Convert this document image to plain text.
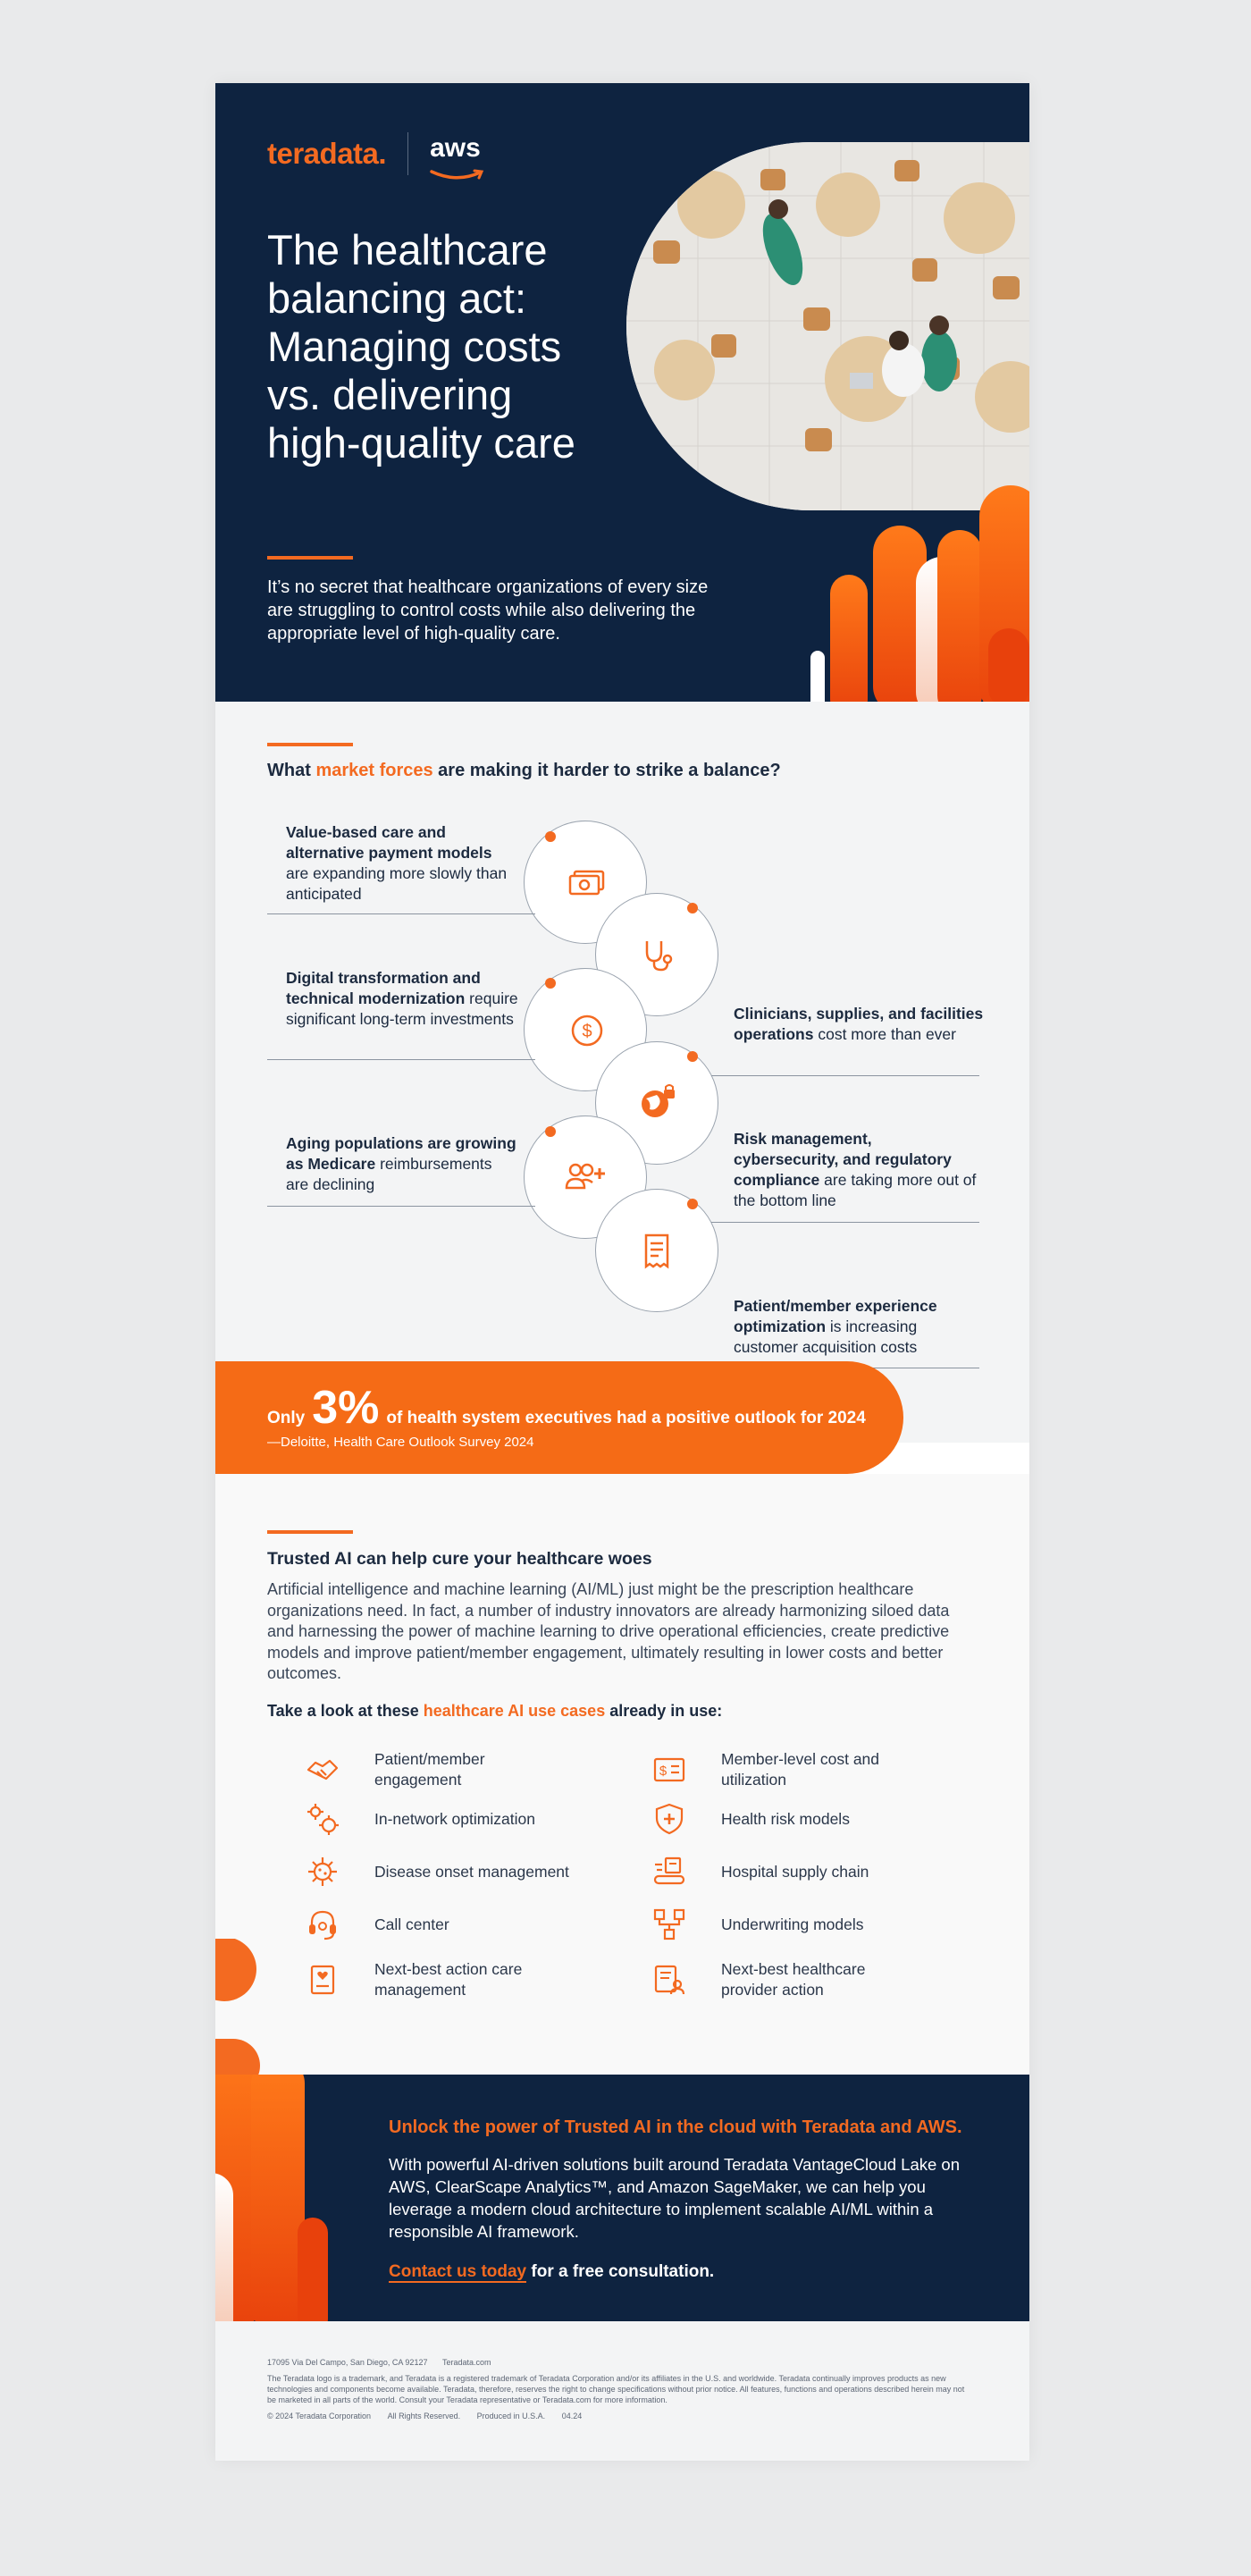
teradata. aws
The healthcare balancing act: Managing costs vs. delivering high-quality care

It’s no secret that healthcare organizations of every size are struggling to control costs while also delivering the appropriate level of high-quality care.

What market forces are making it harder to strike a balance?
$
Value-based care and alternative payment models are expanding more slowly than anticipated
Clinicians, supplies, and facilities operations cost more than ever
Digital transformation and technical modernization require significant long-term investments
Risk management, cybersecurity, and regulatory compliance are taking more out of the bottom line
Aging populations are growing as Medicare reimbursements are declining
Patient/member experience optimization is increasing customer acquisition costs
Trusted AI can help cure your healthcare woes

Artificial intelligence and machine learning (AI/ML) just might be the prescription healthcare organizations need. In fact, a number of industry innovators are already harmonizing siloed data and harnessing the power of machine learning to drive operational efficiencies, create predictive models and improve patient/member engagement, ultimately resulting in lower costs and better outcomes.

Take a look at these healthcare AI use cases already in use:

Patient/member engagement
In-network optimization
Disease onset management
Call center
Next-best action care management
$
Member-level cost and utilization
Health risk models
Hospital supply chain
Underwriting models
Next-best healthcare provider action
Only 3% of health system executives had a positive outlook for 2024
—Deloitte, Health Care Outlook Survey 2024
Unlock the power of Trusted AI in the cloud with Teradata and AWS.

With powerful AI-driven solutions built around Teradata VantageCloud Lake on AWS, ClearScape Analytics™, and Amazon SageMaker, we can help you leverage a modern cloud architecture to implement scalable AI/ML within a responsible AI framework.

Contact us today for a free consultation.

17095 Via Del Campo, San Diego, CA 92127 Teradata.com
The Teradata logo is a trademark, and Teradata is a registered trademark of Teradata Corporation and/or its affiliates in the U.S. and worldwide. Teradata continually improves products as new technologies and components become available. Teradata, therefore, reserves the right to change specifications without prior notice. All features, functions and operations described herein may not be marketed in all parts of the world. Consult your Teradata representative or Teradata.com for more information.
© 2024 Teradata Corporation All Rights Reserved. Produced in U.S.A. 04.24
